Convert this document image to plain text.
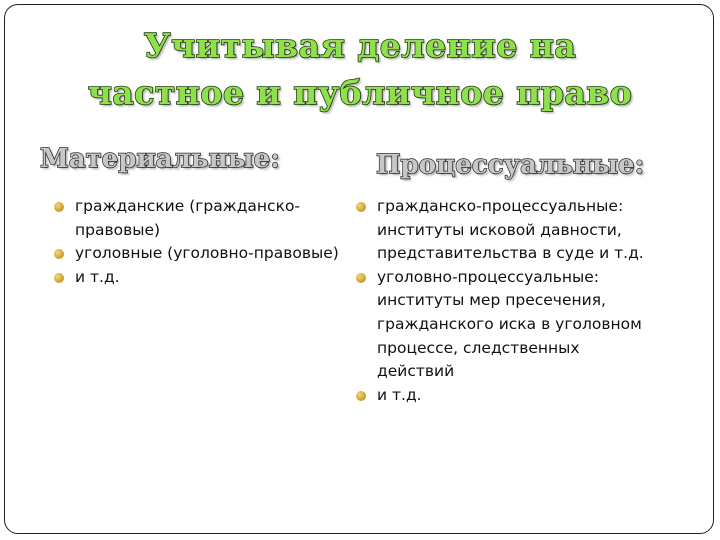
Учитывая деление на
частное и публичное право
Материальные:	Процессуальные:
гражданские (гражданско-правовые)
уголовные (уголовно-правовые)
и т.д.
гражданско-процессуальные: институты исковой давности, представительства в суде и т.д.
уголовно-процессуальные: институты мер пресечения, гражданского иска в уголовном процессе, следственных действий
и т.д.
